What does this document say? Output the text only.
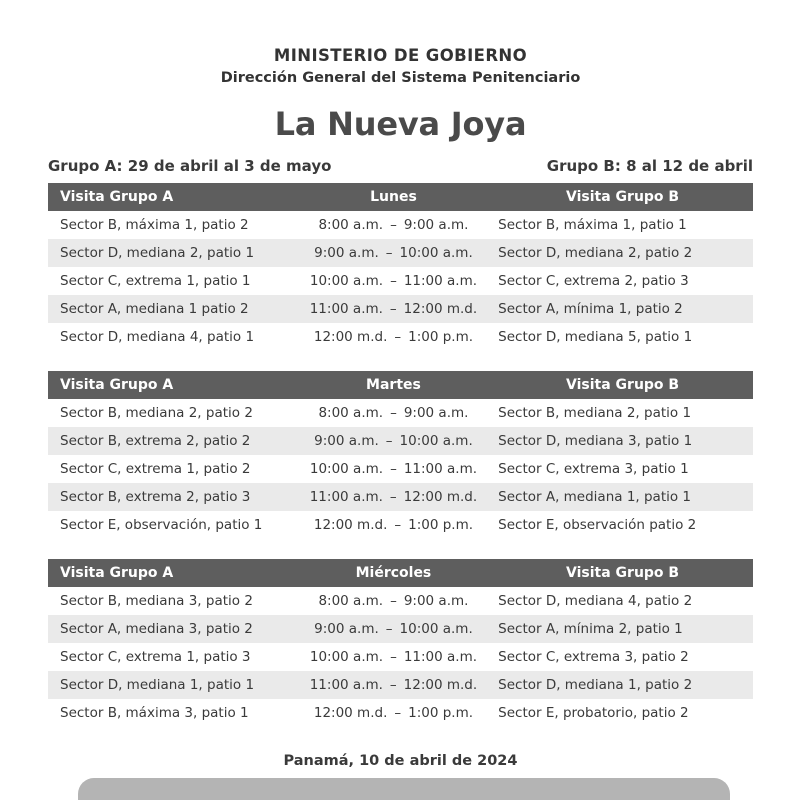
MINISTERIO DE GOBIERNO
Dirección General del Sistema Penitenciario
La Nueva Joya
Grupo A: 29 de abril al 3 de mayo	Grupo B: 8 al 12 de abril
Visita Grupo A	Lunes	Visita Grupo B
Sector B, máxima 1, patio 2	8:00 a.m. – 9:00 a.m.	Sector B, máxima 1, patio 1
Sector D, mediana 2, patio 1	9:00 a.m. – 10:00 a.m.	Sector D, mediana 2, patio 2
Sector C, extrema 1, patio 1	10:00 a.m. – 11:00 a.m.	Sector C, extrema 2, patio 3
Sector A, mediana 1 patio 2	11:00 a.m. – 12:00 m.d.	Sector A, mínima 1, patio 2
Sector D, mediana 4, patio 1	12:00 m.d. – 1:00 p.m.	Sector D, mediana 5, patio 1
Visita Grupo A	Martes	Visita Grupo B
Sector B, mediana 2, patio 2	8:00 a.m. – 9:00 a.m.	Sector B, mediana 2, patio 1
Sector B, extrema 2, patio 2	9:00 a.m. – 10:00 a.m.	Sector D, mediana 3, patio 1
Sector C, extrema 1, patio 2	10:00 a.m. – 11:00 a.m.	Sector C, extrema 3, patio 1
Sector B, extrema 2, patio 3	11:00 a.m. – 12:00 m.d.	Sector A, mediana 1, patio 1
Sector E, observación, patio 1	12:00 m.d. – 1:00 p.m.	Sector E, observación patio 2
Visita Grupo A	Miércoles	Visita Grupo B
Sector B, mediana 3, patio 2	8:00 a.m. – 9:00 a.m.	Sector D, mediana 4, patio 2
Sector A, mediana 3, patio 2	9:00 a.m. – 10:00 a.m.	Sector A, mínima 2, patio 1
Sector C, extrema 1, patio 3	10:00 a.m. – 11:00 a.m.	Sector C, extrema 3, patio 2
Sector D, mediana 1, patio 1	11:00 a.m. – 12:00 m.d.	Sector D, mediana 1, patio 2
Sector B, máxima 3, patio 1	12:00 m.d. – 1:00 p.m.	Sector E, probatorio, patio 2
Panamá, 10 de abril de 2024
